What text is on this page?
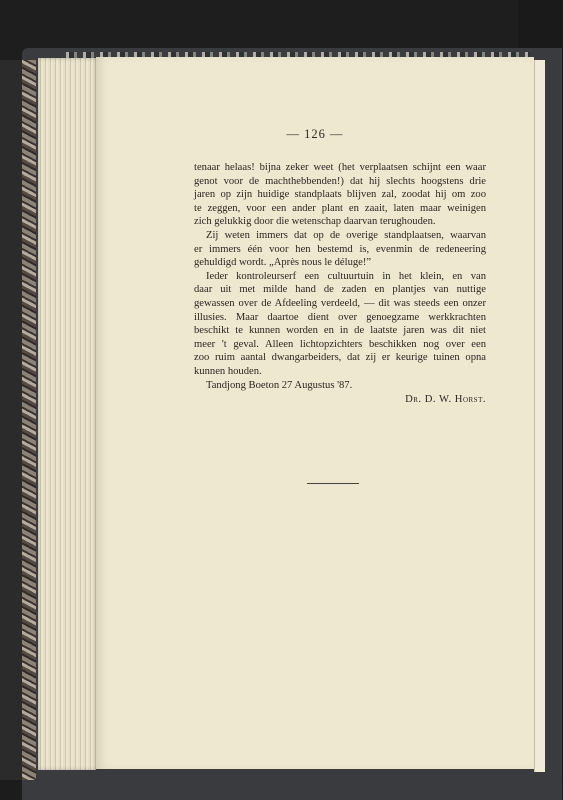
— 126 —
tenaar helaas! bijna zeker weet (het verplaatsen schijnt een waar
genot voor de machthebbenden!) dat hij slechts hoogstens drie
jaren op zijn huidige standplaats blijven zal, zoodat hij om zoo
te zeggen, voor een ander plant en zaait, laten maar weinigen
zich gelukkig door die wetenschap daarvan terughouden.
Zij weten immers dat op de overige standplaatsen, waarvan
er immers één voor hen bestemd is, evenmin de redeneering
gehuldigd wordt. „Après nous le déluge!”
Ieder kontroleurserf een cultuurtuin in het klein, en van
daar uit met milde hand de zaden en plantjes van nuttige
gewassen over de Afdeeling verdeeld, — dit was steeds een onzer
illusies. Maar daartoe dient over genoegzame werkkrachten
beschikt te kunnen worden en in de laatste jaren was dit niet
meer 't geval. Alleen lichtopzichters beschikken nog over een
zoo ruim aantal dwangarbeiders, dat zij er keurige tuinen opna
kunnen houden.
Tandjong Boeton 27 Augustus '87.
Dr. D. W. Horst.
